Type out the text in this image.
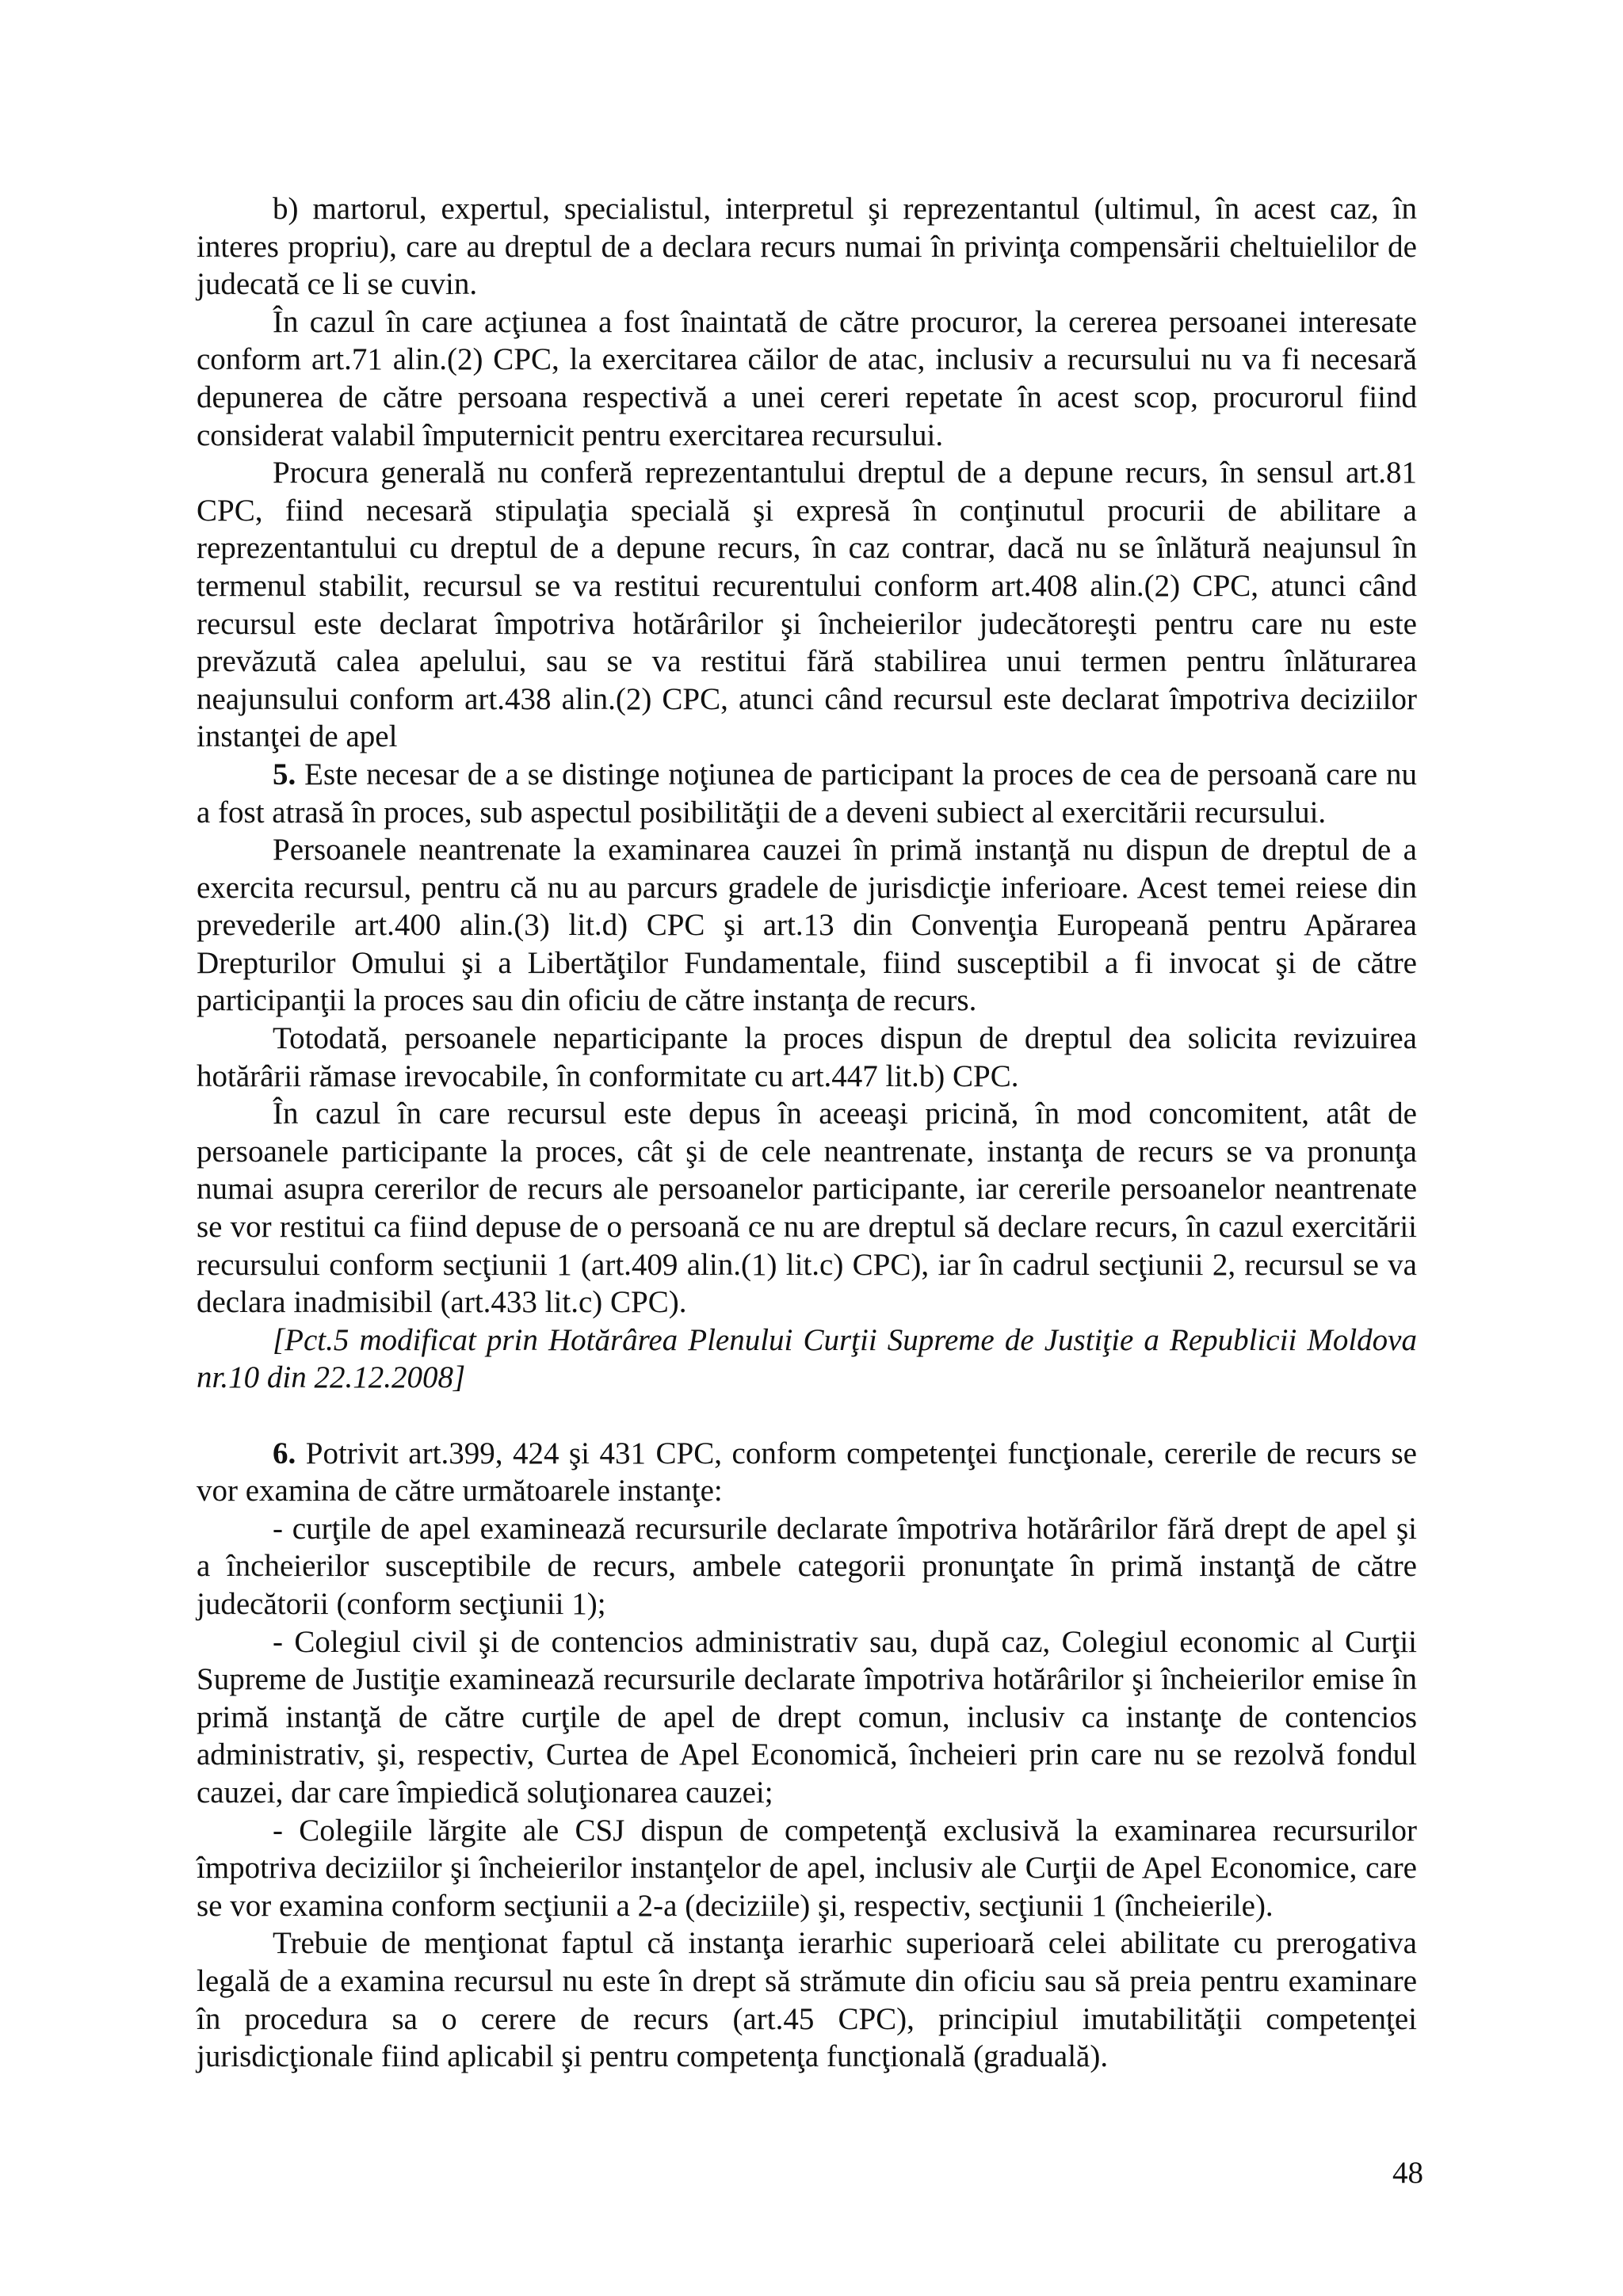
b) martorul, expertul, specialistul, interpretul şi reprezentantul (ultimul, în acest caz, în interes propriu), care au dreptul de a declara recurs numai în privinţa compensării cheltuielilor de judecată ce li se cuvin.

În cazul în care acţiunea a fost înaintată de către procuror, la cererea persoanei interesate conform art.71 alin.(2) CPC, la exercitarea căilor de atac, inclusiv a recursului nu va fi necesară depunerea de către persoana respectivă a unei cereri repetate în acest scop, procurorul fiind considerat valabil împuternicit pentru exercitarea recursului.

Procura generală nu conferă reprezentantului dreptul de a depune recurs, în sensul art.81 CPC, fiind necesară stipulaţia specială şi expresă în conţinutul procurii de abilitare a reprezentantului cu dreptul de a depune recurs, în caz contrar, dacă nu se înlătură neajunsul în termenul stabilit, recursul se va restitui recurentului conform art.408 alin.(2) CPC, atunci când recursul este declarat împotriva hotărârilor şi încheierilor judecătoreşti pentru care nu este prevăzută calea apelului, sau se va restitui fără stabilirea unui termen pentru înlăturarea neajunsului conform art.438 alin.(2) CPC, atunci când recursul este declarat împotriva deciziilor instanţei de apel

5. Este necesar de a se distinge noţiunea de participant la proces de cea de persoană care nu a fost atrasă în proces, sub aspectul posibilităţii de a deveni subiect al exercitării recursului.

Persoanele neantrenate la examinarea cauzei în primă instanţă nu dispun de dreptul de a exercita recursul, pentru că nu au parcurs gradele de jurisdicţie inferioare. Acest temei reiese din prevederile art.400 alin.(3) lit.d) CPC şi art.13 din Convenţia Europeană pentru Apărarea Drepturilor Omului şi a Libertăţilor Fundamentale, fiind susceptibil a fi invocat şi de către participanţii la proces sau din oficiu de către instanţa de recurs.

Totodată, persoanele neparticipante la proces dispun de dreptul dea solicita revizuirea hotărârii rămase irevocabile, în conformitate cu art.447 lit.b) CPC.

În cazul în care recursul este depus în aceeaşi pricină, în mod concomitent, atât de persoanele participante la proces, cât şi de cele neantrenate, instanţa de recurs se va pronunţa numai asupra cererilor de recurs ale persoanelor participante, iar cererile persoanelor neantrenate se vor restitui ca fiind depuse de o persoană ce nu are dreptul să declare recurs, în cazul exercitării recursului conform secţiunii 1 (art.409 alin.(1) lit.c) CPC), iar în cadrul secţiunii 2, recursul se va declara inadmisibil (art.433 lit.c) CPC).

[Pct.5 modificat prin Hotărârea Plenului Curţii Supreme de Justiţie a Republicii Moldova nr.10 din 22.12.2008]

6. Potrivit art.399, 424 şi 431 CPC, conform competenţei funcţionale, cererile de recurs se vor examina de către următoarele instanţe:

- curţile de apel examinează recursurile declarate împotriva hotărârilor fără drept de apel şi a încheierilor susceptibile de recurs, ambele categorii pronunţate în primă instanţă de către judecătorii (conform secţiunii 1);

- Colegiul civil şi de contencios administrativ sau, după caz, Colegiul economic al Curţii Supreme de Justiţie examinează recursurile declarate împotriva hotărârilor şi încheierilor emise în primă instanţă de către curţile de apel de drept comun, inclusiv ca instanţe de contencios administrativ, şi, respectiv, Curtea de Apel Economică, încheieri prin care nu se rezolvă fondul cauzei, dar care împiedică soluţionarea cauzei;

- Colegiile lărgite ale CSJ dispun de competenţă exclusivă la examinarea recursurilor împotriva deciziilor şi încheierilor instanţelor de apel, inclusiv ale Curţii de Apel Economice, care se vor examina conform secţiunii a 2-a (deciziile) şi, respectiv, secţiunii 1 (încheierile).

Trebuie de menţionat faptul că instanţa ierarhic superioară celei abilitate cu prerogativa legală de a examina recursul nu este în drept să strămute din oficiu sau să preia pentru examinare în procedura sa o cerere de recurs (art.45 CPC), principiul imutabilităţii competenţei jurisdicţionale fiind aplicabil şi pentru competenţa funcţională (graduală).

48
